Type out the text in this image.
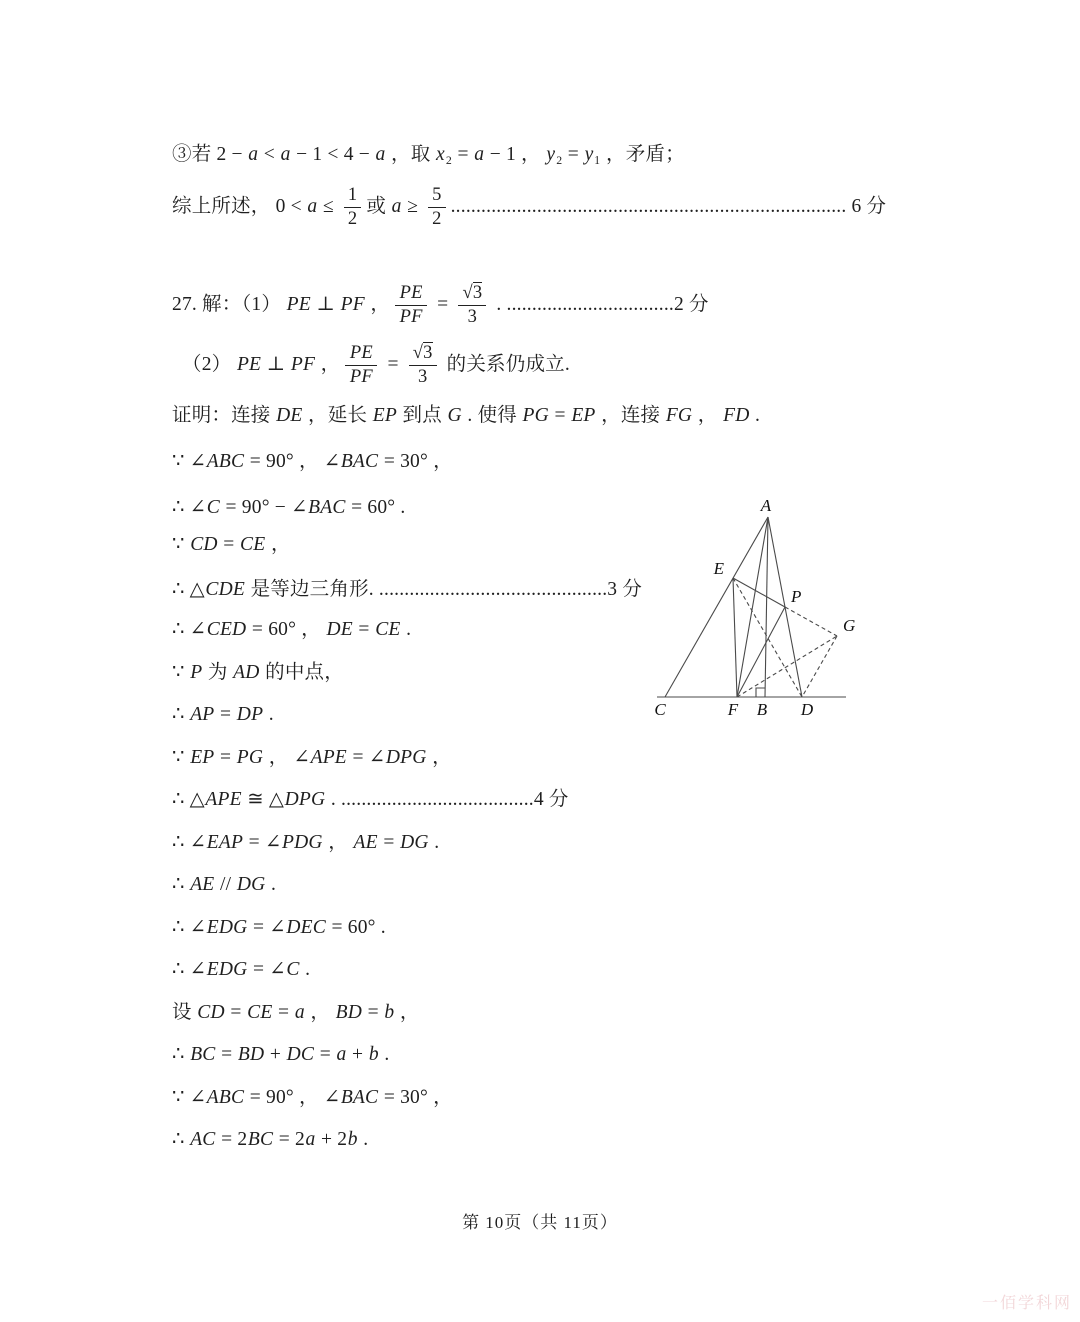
③若 2 − a < a − 1 < 4 − a ，取 x₂ = a − 1 ， y₂ = y₁ ，矛盾；
综上所述， $0 < a \le \frac{1}{2}$ 或 $a \ge \frac{5}{2}$ .............................................................................. 6 分
27. 解：（1） PE ⊥ PF ， $\frac{PE}{PF} = \frac{√3}{3}$ . .................................2 分
（2） PE ⊥ PF ， $\frac{PE}{PF} = \frac{√3}{3}$ 的关系仍成立.
证明：连接 DE ，延长 EP 到点 G . 使得 PG = EP ，连接 FG ， FD .
∵ ∠ABC = 90° ， ∠BAC = 30° ，
∴ ∠C = 90° − ∠BAC = 60° .
∵ CD = CE ，
∴ △CDE 是等边三角形. .............................................3 分
∴ ∠CED = 60° ， DE = CE .
∵ P 为 AD 的中点，
∴ AP = DP .
∵ EP = PG ， ∠APE = ∠DPG ，
∴ △APE ≅ △DPG . ......................................4 分
∴ ∠EAP = ∠PDG ， AE = DG .
∴ AE // DG .
∴ ∠EDG = ∠DEC = 60° .
∴ ∠EDG = ∠C .
设 CD = CE = a ， BD = b ，
∴ BC = BD + DC = a + b .
∵ ∠ABC = 90° ， ∠BAC = 30° ，
∴ AC = 2BC = 2a + 2b .
A
E
P
G
C	F B D
第 10页（共 11页）
一佰学科网
